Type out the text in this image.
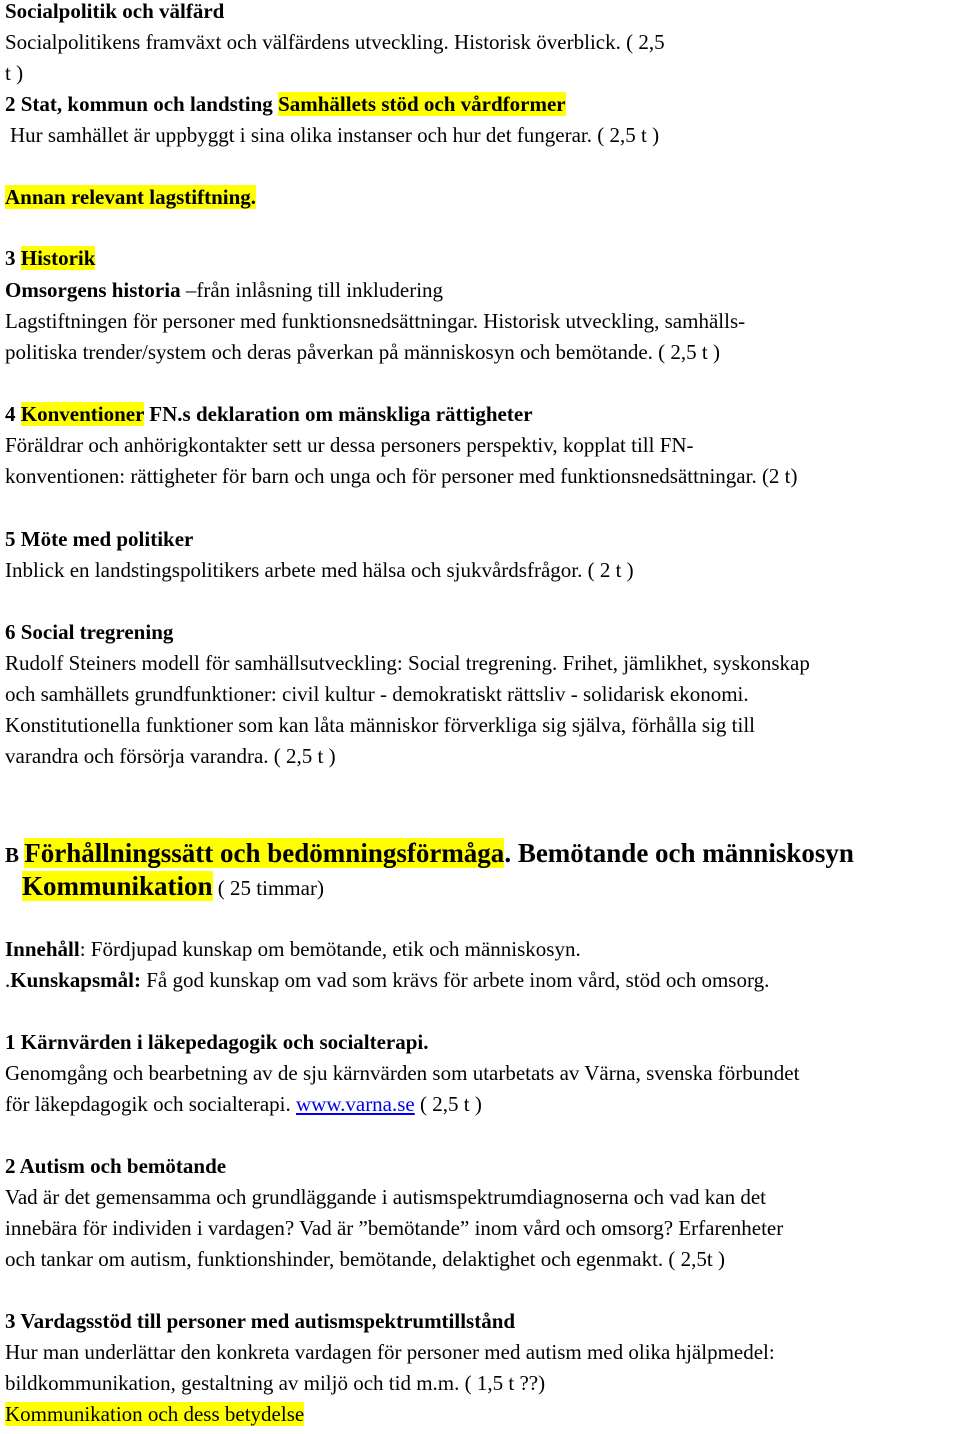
Socialpolitik och välfärd
Socialpolitikens framväxt och välfärdens utveckling. Historisk överblick. ( 2,5
t )
2 Stat, kommun och landsting Samhällets stöd och vårdformer
Hur samhället är uppbyggt i sina olika instanser och hur det fungerar. ( 2,5 t )
Annan relevant lagstiftning.
3 Historik
Omsorgens historia –från inlåsning till inkludering
Lagstiftningen för personer med funktionsnedsättningar. Historisk utveckling, samhälls-
politiska trender/system och deras påverkan på människosyn och bemötande. ( 2,5 t )
4 Konventioner FN.s deklaration om mänskliga rättigheter
Föräldrar och anhörigkontakter sett ur dessa personers perspektiv, kopplat till FN-
konventionen: rättigheter för barn och unga och för personer med funktionsnedsättningar. (2 t)
5 Möte med politiker
Inblick en landstingspolitikers arbete med hälsa och sjukvårdsfrågor. ( 2 t )
6 Social tregrening
Rudolf Steiners modell för samhällsutveckling: Social tregrening. Frihet, jämlikhet, syskonskap
och samhällets grundfunktioner: civil kultur - demokratiskt rättsliv - solidarisk ekonomi.
Konstitutionella funktioner som kan låta människor förverkliga sig själva, förhålla sig till
varandra och försörja varandra. ( 2,5 t )
B Förhållningssätt och bedömningsförmåga. Bemötande och människosyn
Kommunikation ( 25 timmar)
Innehåll: Fördjupad kunskap om bemötande, etik och människosyn.
.Kunskapsmål: Få god kunskap om vad som krävs för arbete inom vård, stöd och omsorg.
1 Kärnvärden i läkepedagogik och socialterapi.
Genomgång och bearbetning av de sju kärnvärden som utarbetats av Värna, svenska förbundet
för läkepdagogik och socialterapi. www.varna.se ( 2,5 t )
2 Autism och bemötande
Vad är det gemensamma och grundläggande i autismspektrumdiagnoserna och vad kan det
innebära för individen i vardagen? Vad är ”bemötande” inom vård och omsorg? Erfarenheter
och tankar om autism, funktionshinder, bemötande, delaktighet och egenmakt. ( 2,5t )
3 Vardagsstöd till personer med autismspektrumtillstånd
Hur man underlättar den konkreta vardagen för personer med autism med olika hjälpmedel:
bildkommunikation, gestaltning av miljö och tid m.m. ( 1,5 t ??)
Kommunikation och dess betydelse
